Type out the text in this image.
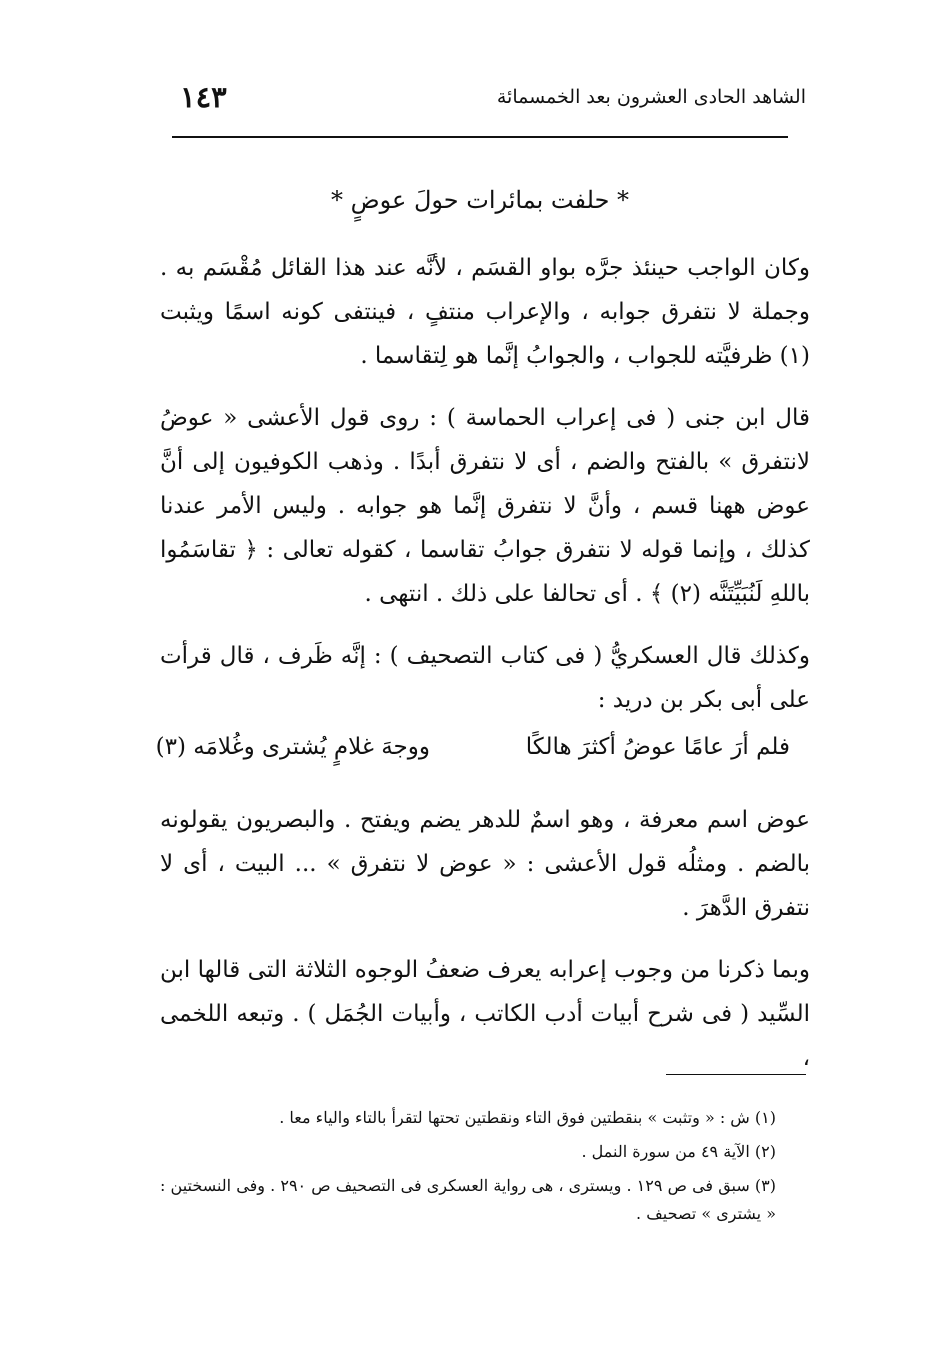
الشاهد الحادى العشرون بعد الخمسمائة
١٤٣
* حلفت بمائرات حولَ عوضٍ *

وكان الواجب حينئذ جرَّه بواو القسَم ، لأنَّه عند هذا القائل مُقْسَم به . وجملة لا نتفرق جوابه ، والإعراب منتفٍ ، فينتفى كونه اسمًا ويثبت (١) ظرفيَّته للجواب ، والجوابُ إنَّما هو لِتقاسما .

قال ابن جنى ( فى إعراب الحماسة ) : روى قول الأعشى « عوضُ لانتفرق » بالفتح والضم ، أى لا نتفرق أبدًا . وذهب الكوفيون إلى أنَّ عوض ههنا قسم ، وأنَّ لا نتفرق إنَّما هو جوابه . وليس الأمر عندنا كذلك ، وإنما قوله لا نتفرق جوابُ تقاسما ، كقوله تعالى : ﴿ تقاسَمُوا باللهِ لَنُبَيِّتَنَّه (٢) ﴾ . أى تحالفا على ذلك . انتهى .

وكذلك قال العسكريُّ ( فى كتاب التصحيف ) : إنَّه ظَرف ، قال قرأت على أبى بكر بن دريد :

فلم أرَ عامًا عوضُ أكثرَ هالكًا
ووجهَ غلامٍ يُشترى وغُلامَه (٣)

عوض اسم معرفة ، وهو اسمٌ للدهر يضم ويفتح . والبصريون يقولونه بالضم . ومثلُه قول الأعشى : « عوض لا نتفرق » ... البيت ، أى لا نتفرق الدَّهرَ .

وبما ذكرنا من وجوب إعرابه يعرف ضعفُ الوجوه الثلاثة التى قالها ابن السِّيد ( فى شرح أبيات أدب الكاتب ، وأبيات الجُمَل ) . وتبعه اللخمى ،

(١) ش : « وتثبت » بنقطتين فوق التاء ونقطتين تحتها لتقرأ بالتاء والياء معا .
(٢) الآية ٤٩ من سورة النمل .
(٣) سبق فى ص ١٢٩ . ويسترى ، هى رواية العسكرى فى التصحيف ص ٢٩٠ . وفى النسختين : « يشترى » تصحيف .
